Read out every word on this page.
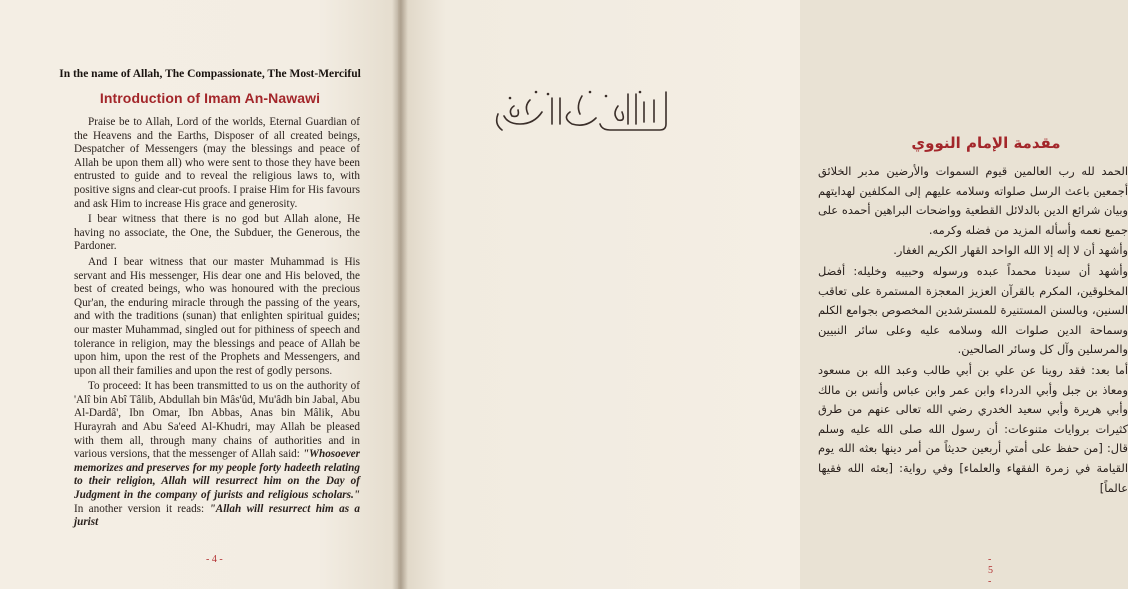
In the name of Allah, The Compassionate, The Most-Merciful
Introduction of Imam An-Nawawi

Praise be to Allah, Lord of the worlds, Eternal Guardian of the Heavens and the Earths, Disposer of all created beings, Despatcher of Messengers (may the blessings and peace of Allah be upon them all) who were sent to those they have been entrusted to guide and to reveal the religious laws to, with positive signs and clear-cut proofs. I praise Him for His favours and ask Him to increase His grace and generosity.

I bear witness that there is no god but Allah alone, He having no associate, the One, the Subduer, the Generous, the Pardoner.

And I bear witness that our master Muhammad is His servant and His messenger, His dear one and His beloved, the best of created beings, who was honoured with the precious Qur'an, the enduring miracle through the passing of the years, and with the traditions (sunan) that enlighten spiritual guides; our master Muhammad, singled out for pithiness of speech and tolerance in religion, may the blessings and peace of Allah be upon him, upon the rest of the Prophets and Messengers, and upon all their families and upon the rest of godly persons.

To proceed: It has been transmitted to us on the authority of 'Alî bin Abî Tâlib, Abdullah bin Mâs'ûd, Mu'âdh bin Jabal, Abu Al-Dardâ', Ibn Omar, Ibn Abbas, Anas bin Mâlik, Abu Hurayrah and Abu Sa'eed Al-Khudri, may Allah be pleased with them all, through many chains of authorities and in various versions, that the messenger of Allah said: "Whosoever memorizes and preserves for my people forty hadeeth relating to their religion, Allah will resurrect him on the Day of Judgment in the company of jurists and religious scholars." In another version it reads: "Allah will resurrect him as a jurist

- 4 -
مقدمة الإمام النووي

الحمد لله رب العالمين قيوم السموات والأرضين مدبر الخلائق أجمعين باعث الرسل صلواته وسلامه عليهم إلى المكلفين لهدايتهم وبيان شرائع الدين بالدلائل القطعية وواضحات البراهين أحمده على جميع نعمه وأسأله المزيد من فضله وكرمه.

وأشهد أن لا إله إلا الله الواحد القهار الكريم الغفار.

وأشهد أن سيدنا محمداً عبده ورسوله وحبيبه وخليله: أفضل المخلوقين، المكرم بالقرآن العزيز المعجزة المستمرة على تعاقب السنين، وبالسنن المستنيرة للمسترشدين المخصوص بجوامع الكلم وسماحة الدين صلوات الله وسلامه عليه وعلى سائر النبيين والمرسلين وآل كل وسائر الصالحين.

أما بعد: فقد روينا عن علي بن أبي طالب وعبد الله بن مسعود ومعاذ بن جبل وأبي الدرداء وابن عمر وابن عباس وأنس بن مالك وأبي هريرة وأبي سعيد الخدري رضي الله تعالى عنهم من طرق كثيرات بروايات متنوعات: أن رسول الله صلى الله عليه وسلم قال: [من حفظ على أمتي أربعين حديثاً من أمر دينها بعثه الله يوم القيامة في زمرة الفقهاء والعلماء] وفي رواية: [بعثه الله فقيها عالماً]

- 5 -
